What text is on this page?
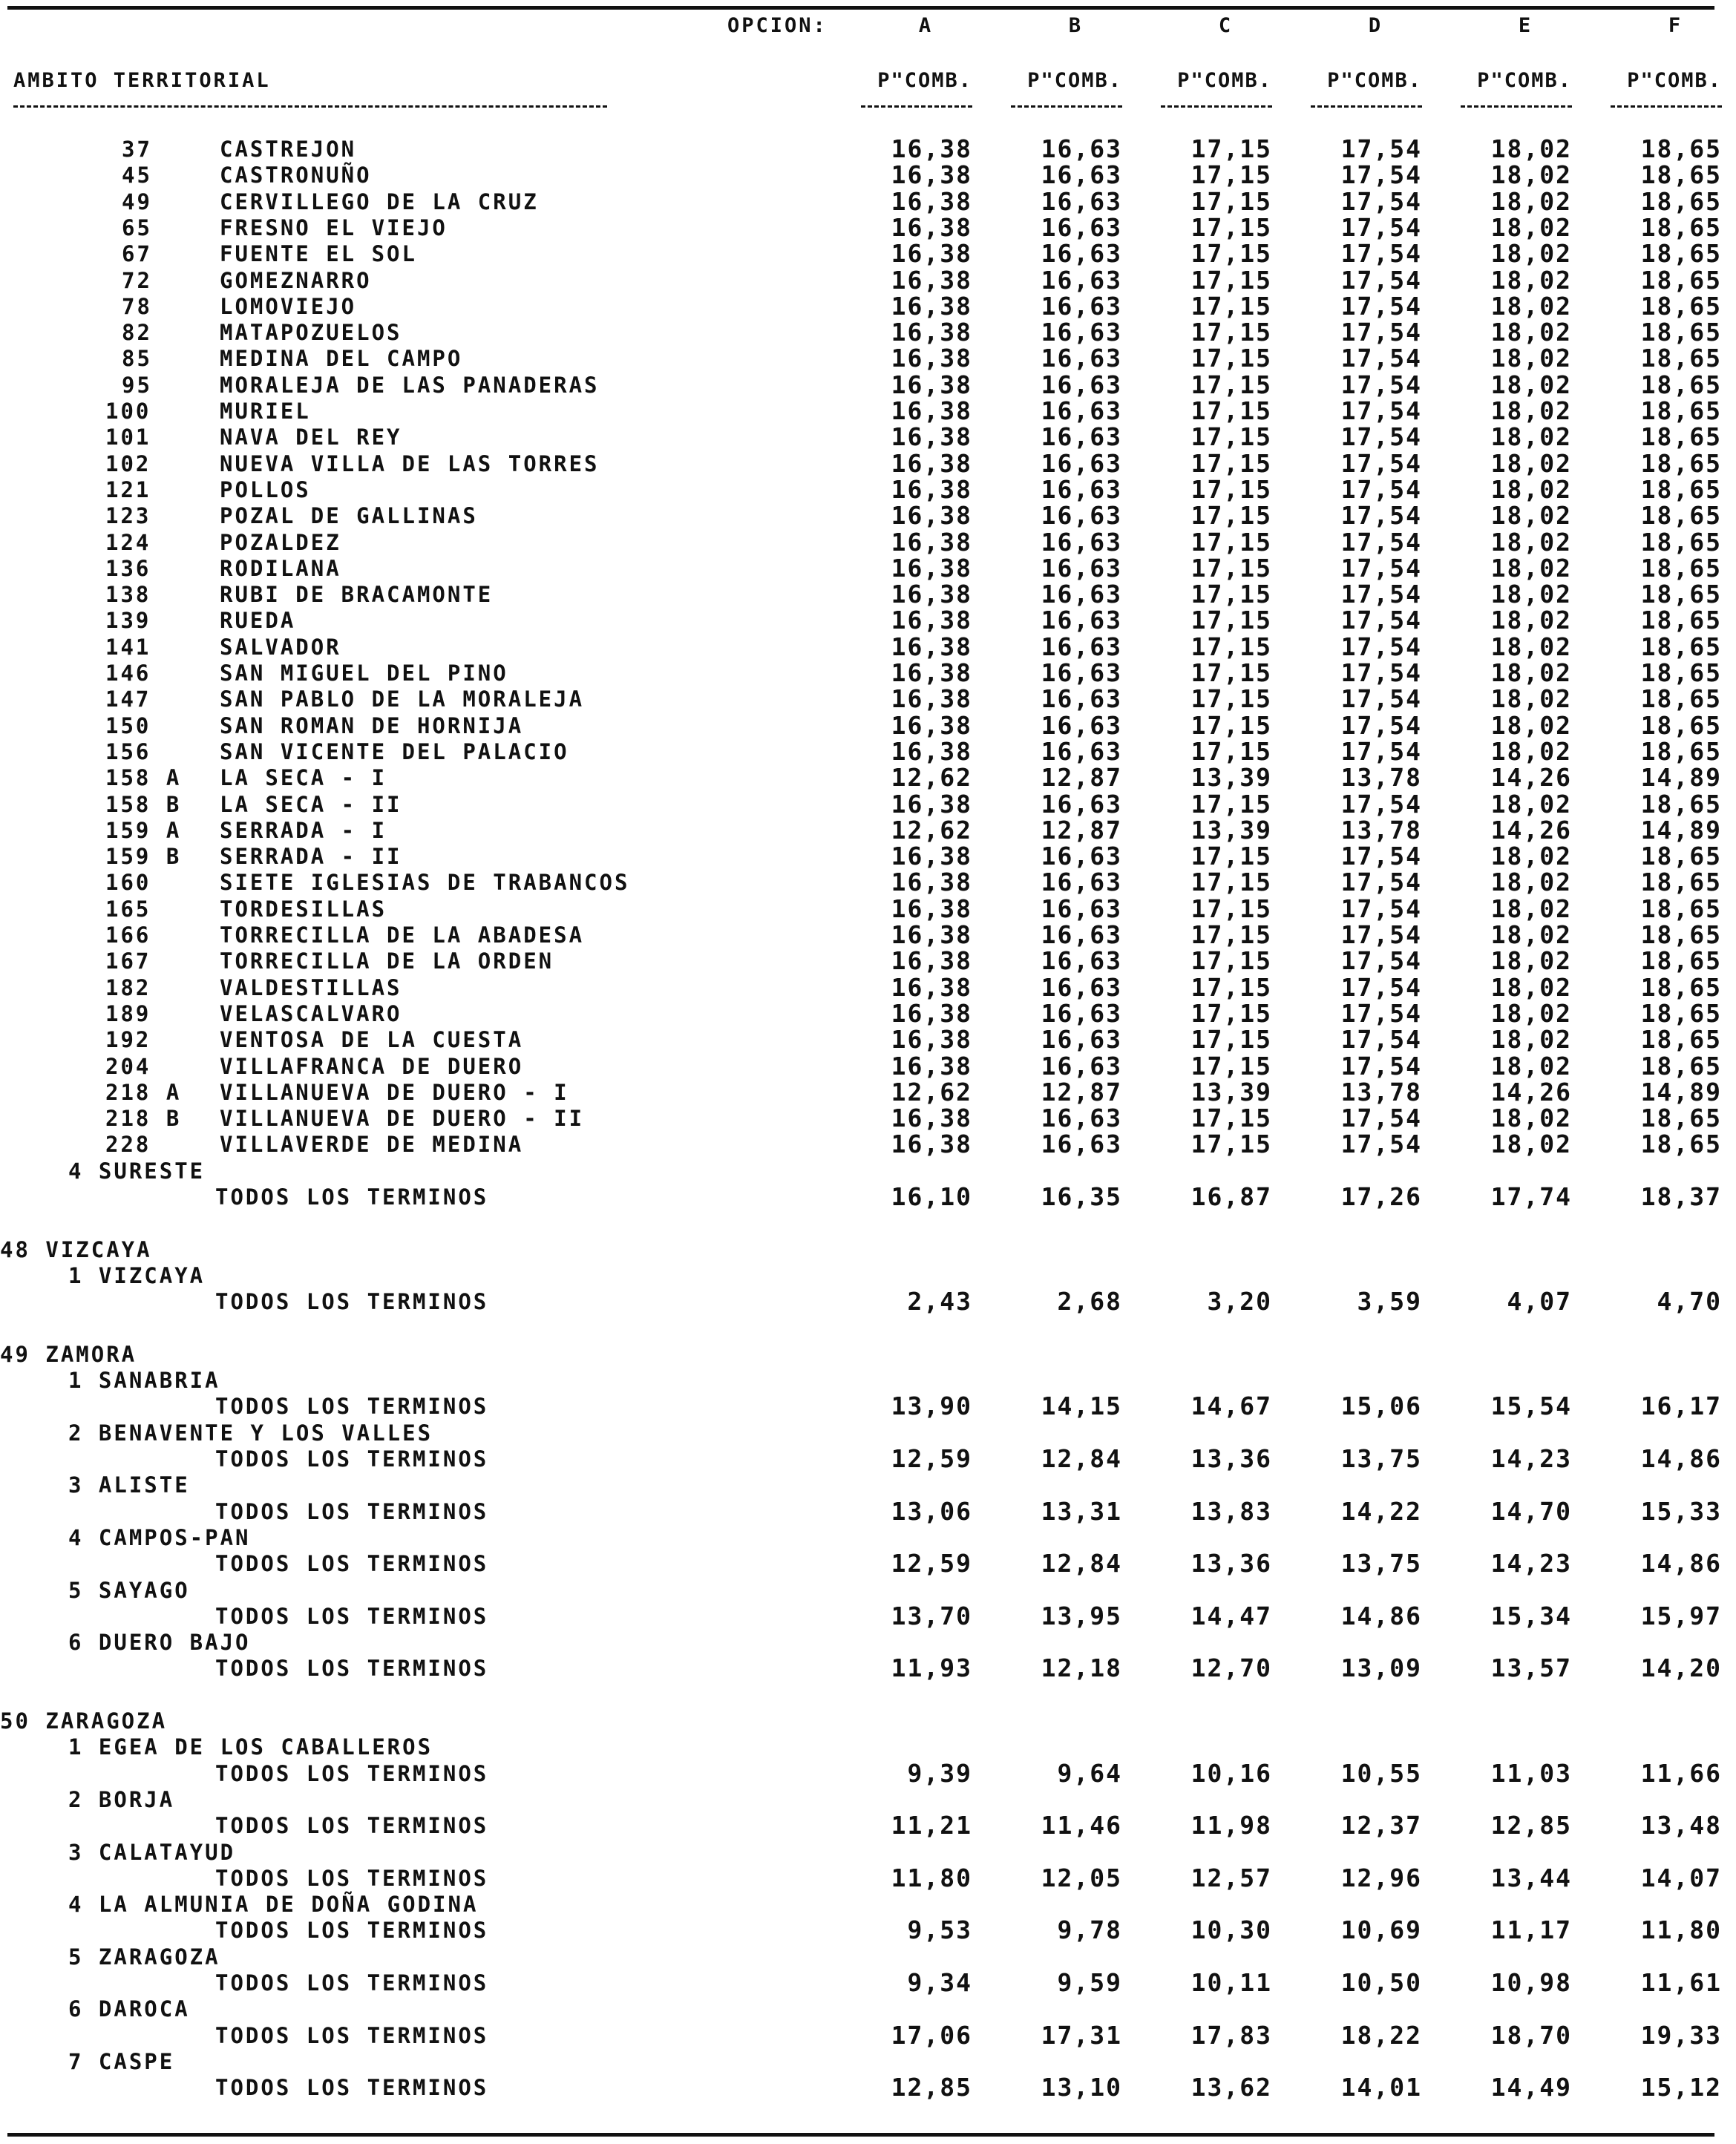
OPCION:	A	B	C	D	E	F
AMBITO TERRITORIAL	P"COMB.	P"COMB.	P"COMB.	P"COMB.	P"COMB.	P"COMB.
37	CASTREJON	16,38	16,63	17,15	17,54	18,02	18,65
45	CASTRONUÑO	16,38	16,63	17,15	17,54	18,02	18,65
49	CERVILLEGO DE LA CRUZ	16,38	16,63	17,15	17,54	18,02	18,65
65	FRESNO EL VIEJO	16,38	16,63	17,15	17,54	18,02	18,65
67	FUENTE EL SOL	16,38	16,63	17,15	17,54	18,02	18,65
72	GOMEZNARRO	16,38	16,63	17,15	17,54	18,02	18,65
78	LOMOVIEJO	16,38	16,63	17,15	17,54	18,02	18,65
82	MATAPOZUELOS	16,38	16,63	17,15	17,54	18,02	18,65
85	MEDINA DEL CAMPO	16,38	16,63	17,15	17,54	18,02	18,65
95	MORALEJA DE LAS PANADERAS	16,38	16,63	17,15	17,54	18,02	18,65
100	MURIEL	16,38	16,63	17,15	17,54	18,02	18,65
101	NAVA DEL REY	16,38	16,63	17,15	17,54	18,02	18,65
102	NUEVA VILLA DE LAS TORRES	16,38	16,63	17,15	17,54	18,02	18,65
121	POLLOS	16,38	16,63	17,15	17,54	18,02	18,65
123	POZAL DE GALLINAS	16,38	16,63	17,15	17,54	18,02	18,65
124	POZALDEZ	16,38	16,63	17,15	17,54	18,02	18,65
136	RODILANA	16,38	16,63	17,15	17,54	18,02	18,65
138	RUBI DE BRACAMONTE	16,38	16,63	17,15	17,54	18,02	18,65
139	RUEDA	16,38	16,63	17,15	17,54	18,02	18,65
141	SALVADOR	16,38	16,63	17,15	17,54	18,02	18,65
146	SAN MIGUEL DEL PINO	16,38	16,63	17,15	17,54	18,02	18,65
147	SAN PABLO DE LA MORALEJA	16,38	16,63	17,15	17,54	18,02	18,65
150	SAN ROMAN DE HORNIJA	16,38	16,63	17,15	17,54	18,02	18,65
156	SAN VICENTE DEL PALACIO	16,38	16,63	17,15	17,54	18,02	18,65
158 A LA SECA - I	12,62	12,87	13,39	13,78	14,26	14,89
158 B LA SECA - II	16,38	16,63	17,15	17,54	18,02	18,65
159 A SERRADA - I	12,62	12,87	13,39	13,78	14,26	14,89
159 B SERRADA - II	16,38	16,63	17,15	17,54	18,02	18,65
160	SIETE IGLESIAS DE TRABANCOS	16,38	16,63	17,15	17,54	18,02	18,65
165	TORDESILLAS	16,38	16,63	17,15	17,54	18,02	18,65
166	TORRECILLA DE LA ABADESA	16,38	16,63	17,15	17,54	18,02	18,65
167	TORRECILLA DE LA ORDEN	16,38	16,63	17,15	17,54	18,02	18,65
182	VALDESTILLAS	16,38	16,63	17,15	17,54	18,02	18,65
189	VELASCALVARO	16,38	16,63	17,15	17,54	18,02	18,65
192	VENTOSA DE LA CUESTA	16,38	16,63	17,15	17,54	18,02	18,65
204	VILLAFRANCA DE DUERO	16,38	16,63	17,15	17,54	18,02	18,65
218 A VILLANUEVA DE DUERO - I	12,62	12,87	13,39	13,78	14,26	14,89
218 B VILLANUEVA DE DUERO - II	16,38	16,63	17,15	17,54	18,02	18,65
228	VILLAVERDE DE MEDINA	16,38	16,63	17,15	17,54	18,02	18,65
4 SURESTE
TODOS LOS TERMINOS	16,10	16,35	16,87	17,26	17,74	18,37
48 VIZCAYA
1 VIZCAYA
TODOS LOS TERMINOS	2,43	2,68	3,20	3,59	4,07	4,70
49 ZAMORA
1 SANABRIA
TODOS LOS TERMINOS	13,90	14,15	14,67	15,06	15,54	16,17
2 BENAVENTE Y LOS VALLES
TODOS LOS TERMINOS	12,59	12,84	13,36	13,75	14,23	14,86
3 ALISTE
TODOS LOS TERMINOS	13,06	13,31	13,83	14,22	14,70	15,33
4 CAMPOS-PAN
TODOS LOS TERMINOS	12,59	12,84	13,36	13,75	14,23	14,86
5 SAYAGO
TODOS LOS TERMINOS	13,70	13,95	14,47	14,86	15,34	15,97
6 DUERO BAJO
TODOS LOS TERMINOS	11,93	12,18	12,70	13,09	13,57	14,20
50 ZARAGOZA
1 EGEA DE LOS CABALLEROS
TODOS LOS TERMINOS	9,39	9,64	10,16	10,55	11,03	11,66
2 BORJA
TODOS LOS TERMINOS	11,21	11,46	11,98	12,37	12,85	13,48
3 CALATAYUD
TODOS LOS TERMINOS	11,80	12,05	12,57	12,96	13,44	14,07
4 LA ALMUNIA DE DOÑA GODINA
TODOS LOS TERMINOS	9,53	9,78	10,30	10,69	11,17	11,80
5 ZARAGOZA
TODOS LOS TERMINOS	9,34	9,59	10,11	10,50	10,98	11,61
6 DAROCA
TODOS LOS TERMINOS	17,06	17,31	17,83	18,22	18,70	19,33
7 CASPE
TODOS LOS TERMINOS	12,85	13,10	13,62	14,01	14,49	15,12
